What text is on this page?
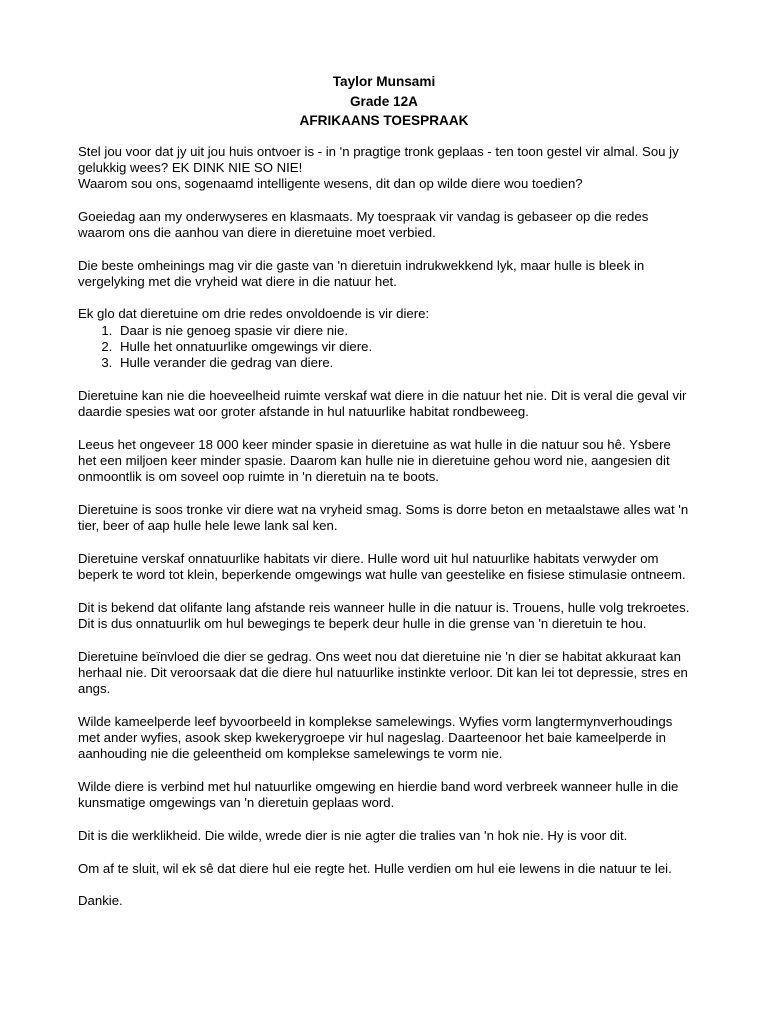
Taylor Munsami
Grade 12A
AFRIKAANS TOESPRAAK

Stel jou voor dat jy uit jou huis ontvoer is - in 'n pragtige tronk geplaas - ten toon gestel vir almal. Sou jy gelukkig wees? EK DINK NIE SO NIE!
Waarom sou ons, sogenaamd intelligente wesens, dit dan op wilde diere wou toedien?

Goeiedag aan my onderwyseres en klasmaats. My toespraak vir vandag is gebaseer op die redes waarom ons die aanhou van diere in dieretuine moet verbied.

Die beste omheinings mag vir die gaste van 'n dieretuin indrukwekkend lyk, maar hulle is bleek in vergelyking met die vryheid wat diere in die natuur het.

Ek glo dat dieretuine om drie redes onvoldoende is vir diere:
1. Daar is nie genoeg spasie vir diere nie.
2. Hulle het onnatuurlike omgewings vir diere.
3. Hulle verander die gedrag van diere.

Dieretuine kan nie die hoeveelheid ruimte verskaf wat diere in die natuur het nie. Dit is veral die geval vir daardie spesies wat oor groter afstande in hul natuurlike habitat rondbeweeg.

Leeus het ongeveer 18 000 keer minder spasie in dieretuine as wat hulle in die natuur sou hê. Ysbere het een miljoen keer minder spasie. Daarom kan hulle nie in dieretuine gehou word nie, aangesien dit onmoontlik is om soveel oop ruimte in 'n dieretuin na te boots.

Dieretuine is soos tronke vir diere wat na vryheid smag. Soms is dorre beton en metaalstawe alles wat 'n tier, beer of aap hulle hele lewe lank sal ken.

Dieretuine verskaf onnatuurlike habitats vir diere. Hulle word uit hul natuurlike habitats verwyder om beperk te word tot klein, beperkende omgewings wat hulle van geestelike en fisiese stimulasie ontneem.

Dit is bekend dat olifante lang afstande reis wanneer hulle in die natuur is. Trouens, hulle volg trekroetes. Dit is dus onnatuurlik om hul bewegings te beperk deur hulle in die grense van 'n dieretuin te hou.

Dieretuine beïnvloed die dier se gedrag. Ons weet nou dat dieretuine nie 'n dier se habitat akkuraat kan herhaal nie. Dit veroorsaak dat die diere hul natuurlike instinkte verloor. Dit kan lei tot depressie, stres en angs.

Wilde kameelperde leef byvoorbeeld in komplekse samelewings. Wyfies vorm langtermynverhoudings met ander wyfies, asook skep kwekerygroepe vir hul nageslag. Daarteenoor het baie kameelperde in aanhouding nie die geleentheid om komplekse samelewings te vorm nie.

Wilde diere is verbind met hul natuurlike omgewing en hierdie band word verbreek wanneer hulle in die kunsmatige omgewings van 'n dieretuin geplaas word.

Dit is die werklikheid. Die wilde, wrede dier is nie agter die tralies van 'n hok nie. Hy is voor dit.

Om af te sluit, wil ek sê dat diere hul eie regte het. Hulle verdien om hul eie lewens in die natuur te lei.

Dankie.
